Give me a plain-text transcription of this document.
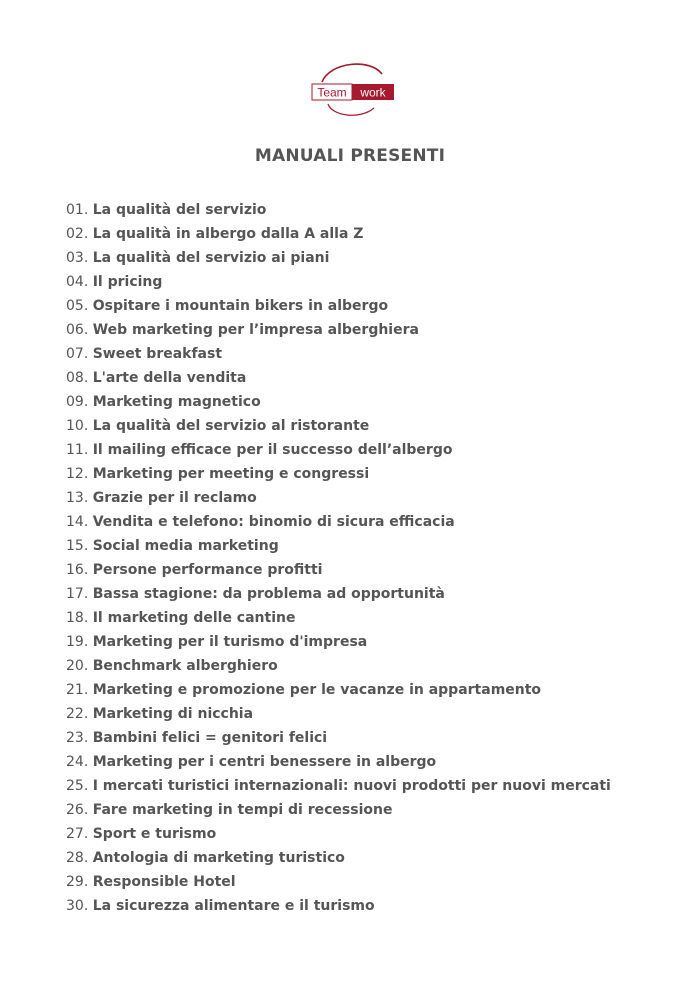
Team work
MANUALI PRESENTI
01. La qualità del servizio
02. La qualità in albergo dalla A alla Z
03. La qualità del servizio ai piani
04. Il pricing
05. Ospitare i mountain bikers in albergo
06. Web marketing per l’impresa alberghiera
07. Sweet breakfast
08. L'arte della vendita
09. Marketing magnetico
10. La qualità del servizio al ristorante
11. Il mailing efficace per il successo dell’albergo
12. Marketing per meeting e congressi
13. Grazie per il reclamo
14. Vendita e telefono: binomio di sicura efficacia
15. Social media marketing
16. Persone performance profitti
17. Bassa stagione: da problema ad opportunità
18. Il marketing delle cantine
19. Marketing per il turismo d'impresa
20. Benchmark alberghiero
21. Marketing e promozione per le vacanze in appartamento
22. Marketing di nicchia
23. Bambini felici = genitori felici
24. Marketing per i centri benessere in albergo
25. I mercati turistici internazionali: nuovi prodotti per nuovi mercati
26. Fare marketing in tempi di recessione
27. Sport e turismo
28. Antologia di marketing turistico
29. Responsible Hotel
30. La sicurezza alimentare e il turismo
